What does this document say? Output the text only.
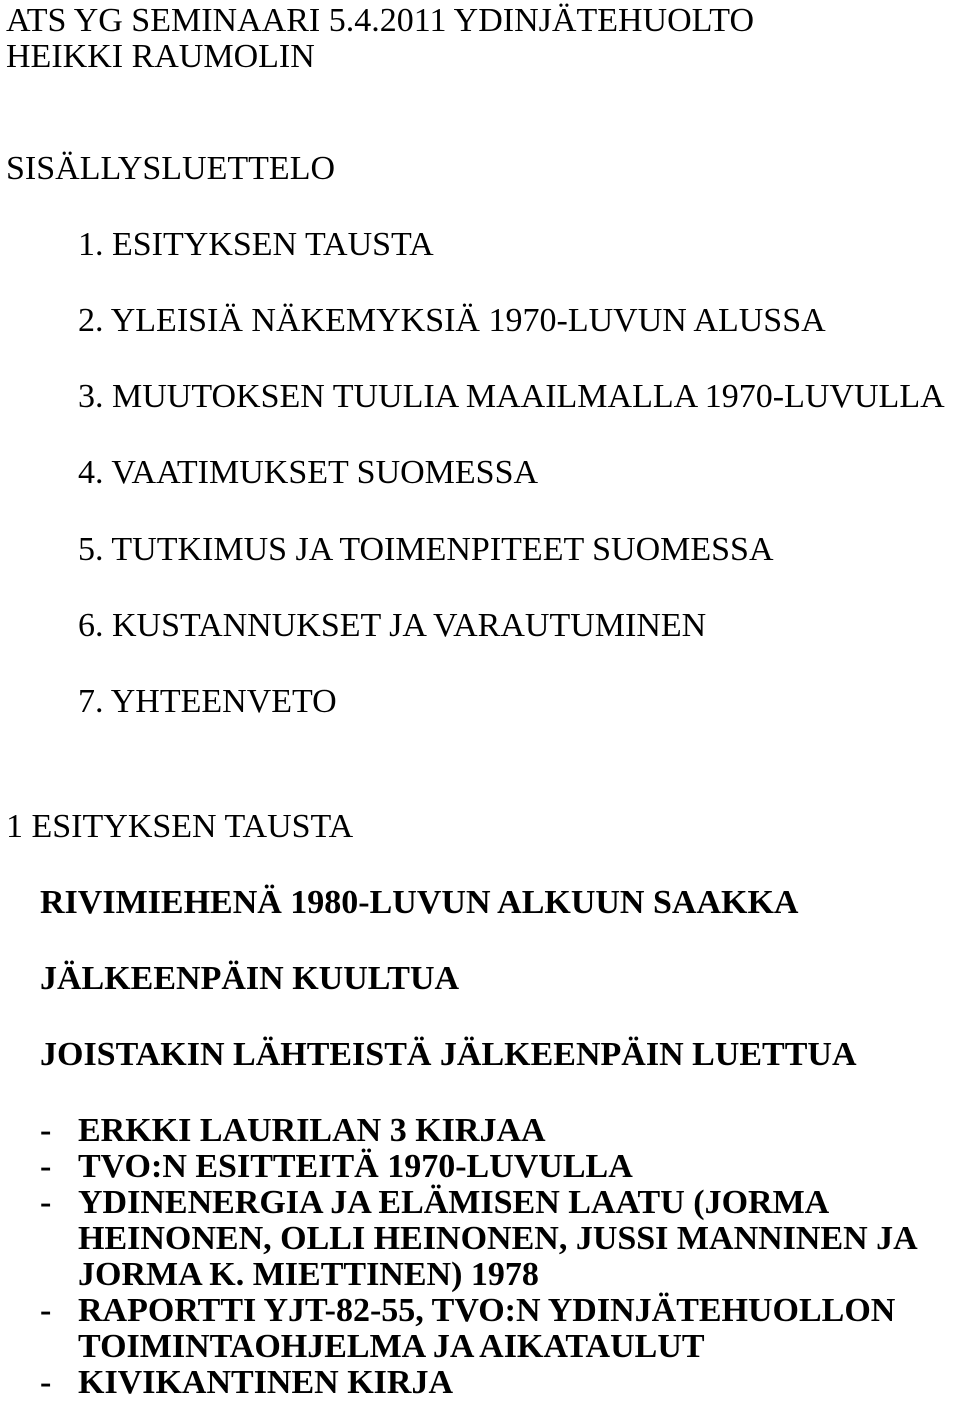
ATS YG SEMINAARI 5.4.2011 YDINJÄTEHUOLTO
HEIKKI RAUMOLIN
SISÄLLYSLUETTELO
1. ESITYKSEN TAUSTA
2. YLEISIÄ NÄKEMYKSIÄ 1970-LUVUN ALUSSA
3. MUUTOKSEN TUULIA MAAILMALLA 1970-LUVULLA
4. VAATIMUKSET SUOMESSA
5. TUTKIMUS JA TOIMENPITEET SUOMESSA
6. KUSTANNUKSET JA VARAUTUMINEN
7. YHTEENVETO
1 ESITYKSEN TAUSTA
RIVIMIEHENÄ 1980-LUVUN ALKUUN SAAKKA
JÄLKEENPÄIN KUULTUA
JOISTAKIN LÄHTEISTÄ JÄLKEENPÄIN LUETTUA
- ERKKI LAURILAN 3 KIRJAA
- TVO:N ESITTEITÄ 1970-LUVULLA
- YDINENERGIA JA ELÄMISEN LAATU (JORMA
HEINONEN, OLLI HEINONEN, JUSSI MANNINEN JA
JORMA K. MIETTINEN) 1978
- RAPORTTI YJT-82-55, TVO:N YDINJÄTEHUOLLON
TOIMINTAOHJELMA JA AIKATAULUT
- KIVIKANTINEN KIRJA
